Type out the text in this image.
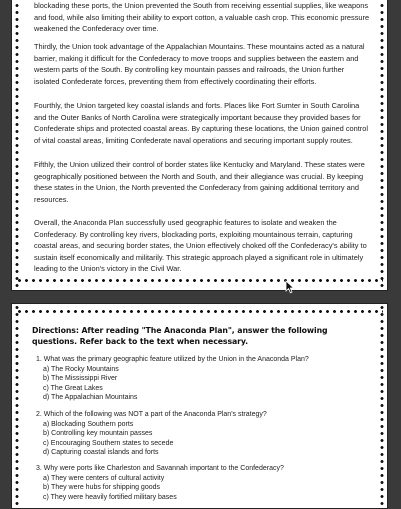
blockading these ports, the Union prevented the South from receiving essential supplies, like weapons and food, while also limiting their ability to export cotton, a valuable cash crop. This economic pressure weakened the Confederacy over time.

Thirdly, the Union took advantage of the Appalachian Mountains. These mountains acted as a natural barrier, making it difficult for the Confederacy to move troops and supplies between the eastern and western parts of the South. By controlling key mountain passes and railroads, the Union further isolated Confederate forces, preventing them from effectively coordinating their efforts.

Fourthly, the Union targeted key coastal islands and forts. Places like Fort Sumter in South Carolina and the Outer Banks of North Carolina were strategically important because they provided bases for Confederate ships and protected coastal areas. By capturing these locations, the Union gained control of vital coastal areas, limiting Confederate naval operations and securing important supply routes.

Fifthly, the Union utilized their control of border states like Kentucky and Maryland. These states were geographically positioned between the North and South, and their allegiance was crucial. By keeping these states in the Union, the North prevented the Confederacy from gaining additional territory and resources.

Overall, the Anaconda Plan successfully used geographic features to isolate and weaken the Confederacy. By controlling key rivers, blockading ports, exploiting mountainous terrain, capturing coastal areas, and securing border states, the Union effectively choked off the Confederacy's ability to sustain itself economically and militarily. This strategic approach played a significant role in ultimately leading to the Union's victory in the Civil War.

Directions: After reading "The Anaconda Plan", answer the following questions. Refer back to the text when necessary.

1. What was the primary geographic feature utilized by the Union in the Anaconda Plan?

a) The Rocky Mountains

b) The Mississippi River

c) The Great Lakes

d) The Appalachian Mountains

2. Which of the following was NOT a part of the Anaconda Plan's strategy?

a) Blockading Southern ports

b) Controlling key mountain passes

c) Encouraging Southern states to secede

d) Capturing coastal islands and forts

3. Why were ports like Charleston and Savannah important to the Confederacy?

a) They were centers of cultural activity

b) They were hubs for shipping goods

c) They were heavily fortified military bases
